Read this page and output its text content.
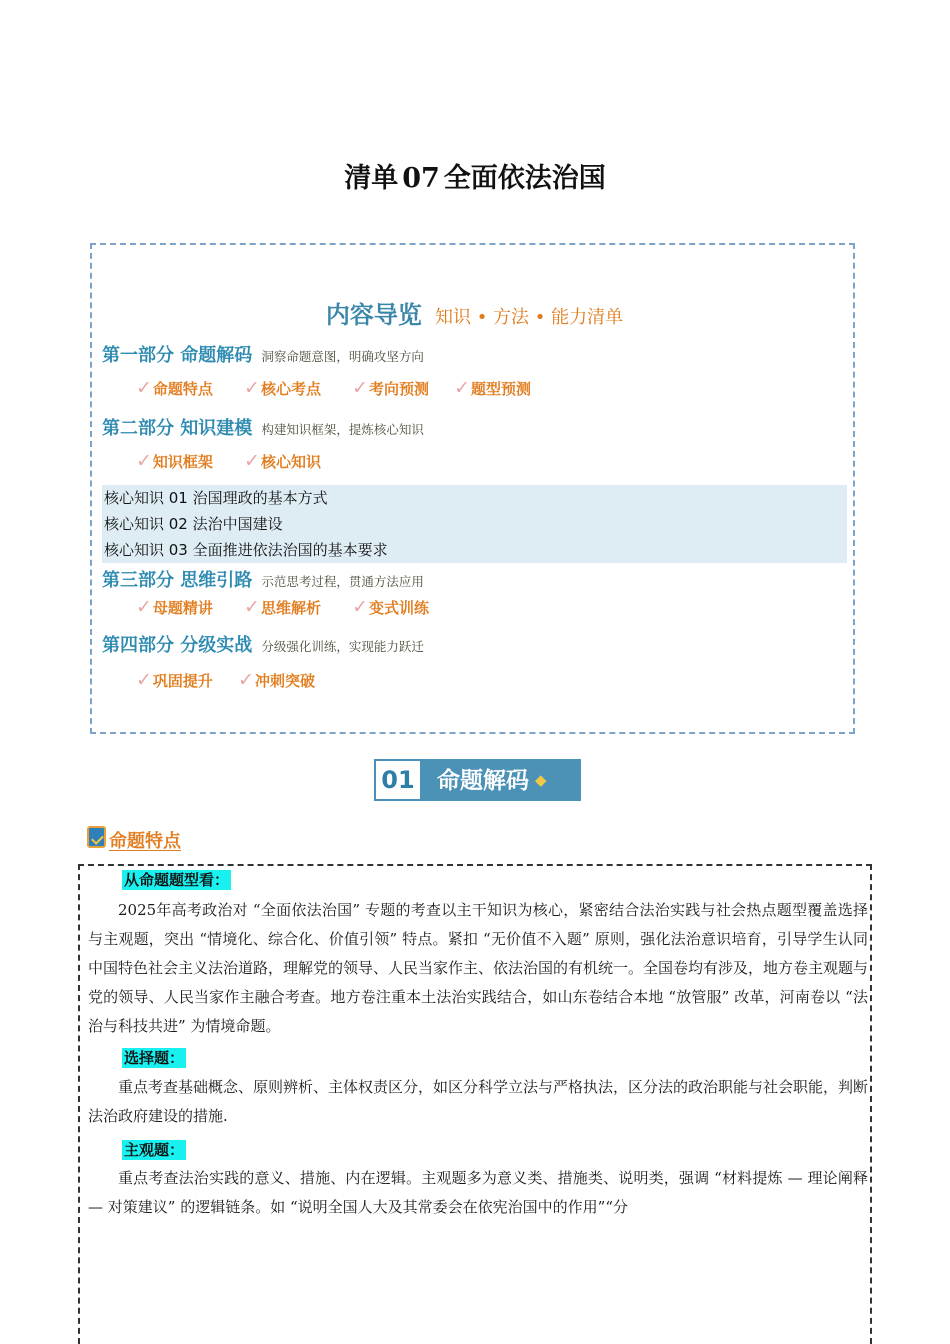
清单 07 全面依法治国
内容导览 知识 • 方法 • 能力清单
第一部分 命题解码 洞察命题意图，明确攻坚方向
✓命题特点 ✓核心考点 ✓考向预测 ✓题型预测
第二部分 知识建模 构建知识框架，提炼核心知识
✓知识框架 ✓核心知识
核心知识 01 治国理政的基本方式
核心知识 02 法治中国建设
核心知识 03 全面推进依法治国的基本要求
第三部分 思维引路 示范思考过程，贯通方法应用
✓母题精讲 ✓思维解析 ✓变式训练
第四部分 分级实战 分级强化训练，实现能力跃迁
✓巩固提升 ✓冲刺突破
01 命题解码 ◆
命题特点
从命题题型看：
2025年高考政治对 “全面依法治国” 专题的考查以主干知识为核心，紧密结合法治实践与社会热点题型覆盖选择与主观题，突出 “情境化、综合化、价值引领” 特点。紧扣 “无价值不入题” 原则，强化法治意识培育，引导学生认同中国特色社会主义法治道路，理解党的领导、人民当家作主、依法治国的有机统一。全国卷均有涉及，地方卷主观题与党的领导、人民当家作主融合考查。地方卷注重本土法治实践结合，如山东卷结合本地 “放管服” 改革，河南卷以 “法治与科技共进” 为情境命题。
选择题：
重点考查基础概念、原则辨析、主体权责区分，如区分科学立法与严格执法，区分法的政治职能与社会职能，判断法治政府建设的措施.
主观题：
重点考查法治实践的意义、措施、内在逻辑。主观题多为意义类、措施类、说明类，强调 “材料提炼 — 理论阐释 — 对策建议” 的逻辑链条。如 “说明全国人大及其常委会在依宪治国中的作用”“分
